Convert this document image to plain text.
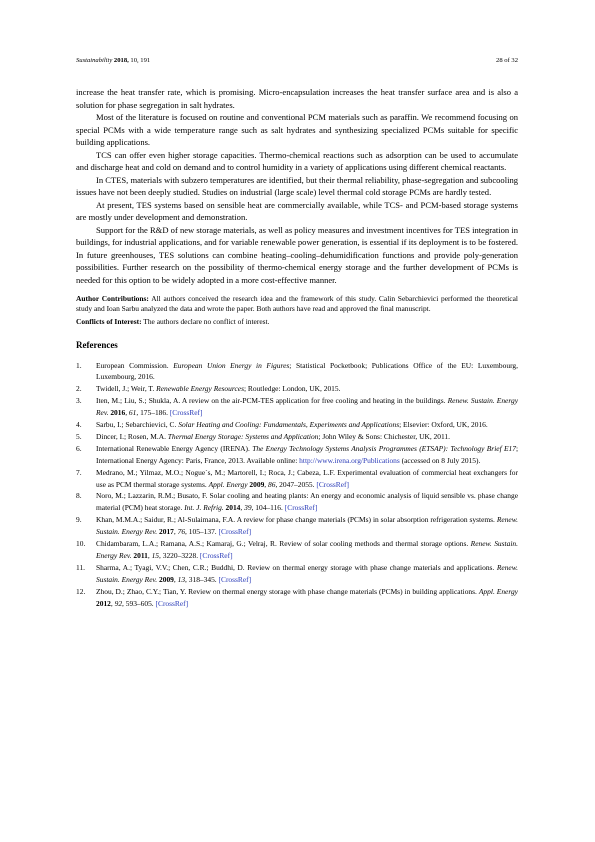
Sustainability 2018, 10, 191	28 of 32

increase the heat transfer rate, which is promising. Micro-encapsulation increases the heat transfer surface area and is also a solution for phase segregation in salt hydrates.

Most of the literature is focused on routine and conventional PCM materials such as paraffin. We recommend focusing on special PCMs with a wide temperature range such as salt hydrates and synthesizing specialized PCMs suitable for specific building applications.

TCS can offer even higher storage capacities. Thermo-chemical reactions such as adsorption can be used to accumulate and discharge heat and cold on demand and to control humidity in a variety of applications using different chemical reactants.

In CTES, materials with subzero temperatures are identified, but their thermal reliability, phase-segregation and subcooling issues have not been deeply studied. Studies on industrial (large scale) level thermal cold storage PCMs are hardly tested.

At present, TES systems based on sensible heat are commercially available, while TCS- and PCM-based storage systems are mostly under development and demonstration.

Support for the R&D of new storage materials, as well as policy measures and investment incentives for TES integration in buildings, for industrial applications, and for variable renewable power generation, is essential if its deployment is to be fostered. In future greenhouses, TES solutions can combine heating–cooling–dehumidification functions and provide poly-generation possibilities. Further research on the possibility of thermo-chemical energy storage and the further development of PCMs is needed for this option to be widely adopted in a more cost-effective manner.

Author Contributions: All authors conceived the research idea and the framework of this study. Calin Sebarchievici performed the theoretical study and Ioan Sarbu analyzed the data and wrote the paper. Both authors have read and approved the final manuscript.
Conflicts of Interest: The authors declare no conflict of interest.
References
1. European Commission. European Union Energy in Figures; Statistical Pocketbook; Publications Office of the EU: Luxembourg, Luxembourg, 2016.
2. Twidell, J.; Weir, T. Renewable Energy Resources; Routledge: London, UK, 2015.
3. Iten, M.; Liu, S.; Shukla, A. A review on the air-PCM-TES application for free cooling and heating in the buildings. Renew. Sustain. Energy Rev. 2016, 61, 175–186. [CrossRef]
4. Sarbu, I.; Sebarchievici, C. Solar Heating and Cooling: Fundamentals, Experiments and Applications; Elsevier: Oxford, UK, 2016.
5. Dincer, I.; Rosen, M.A. Thermal Energy Storage: Systems and Application; John Wiley & Sons: Chichester, UK, 2011.
6. International Renewable Energy Agency (IRENA). The Energy Technology Systems Analysis Programmes (ETSAP): Technology Brief E17; International Energy Agency: Paris, France, 2013. Available online: http://www.irena.org/Publications (accessed on 8 July 2015).
7. Medrano, M.; Yilmaz, M.O.; Nogue´s, M.; Martorell, I.; Roca, J.; Cabeza, L.F. Experimental evaluation of commercial heat exchangers for use as PCM thermal storage systems. Appl. Energy 2009, 86, 2047–2055. [CrossRef]
8. Noro, M.; Lazzarin, R.M.; Busato, F. Solar cooling and heating plants: An energy and economic analysis of liquid sensible vs. phase change material (PCM) heat storage. Int. J. Refrig. 2014, 39, 104–116. [CrossRef]
9. Khan, M.M.A.; Saidur, R.; Al-Sulaimana, F.A. A review for phase change materials (PCMs) in solar absorption refrigeration systems. Renew. Sustain. Energy Rev. 2017, 76, 105–137. [CrossRef]
10. Chidambaram, L.A.; Ramana, A.S.; Kamaraj, G.; Velraj, R. Review of solar cooling methods and thermal storage options. Renew. Sustain. Energy Rev. 2011, 15, 3220–3228. [CrossRef]
11. Sharma, A.; Tyagi, V.V.; Chen, C.R.; Buddhi, D. Review on thermal energy storage with phase change materials and applications. Renew. Sustain. Energy Rev. 2009, 13, 318–345. [CrossRef]
12. Zhou, D.; Zhao, C.Y.; Tian, Y. Review on thermal energy storage with phase change materials (PCMs) in building applications. Appl. Energy 2012, 92, 593–605. [CrossRef]
